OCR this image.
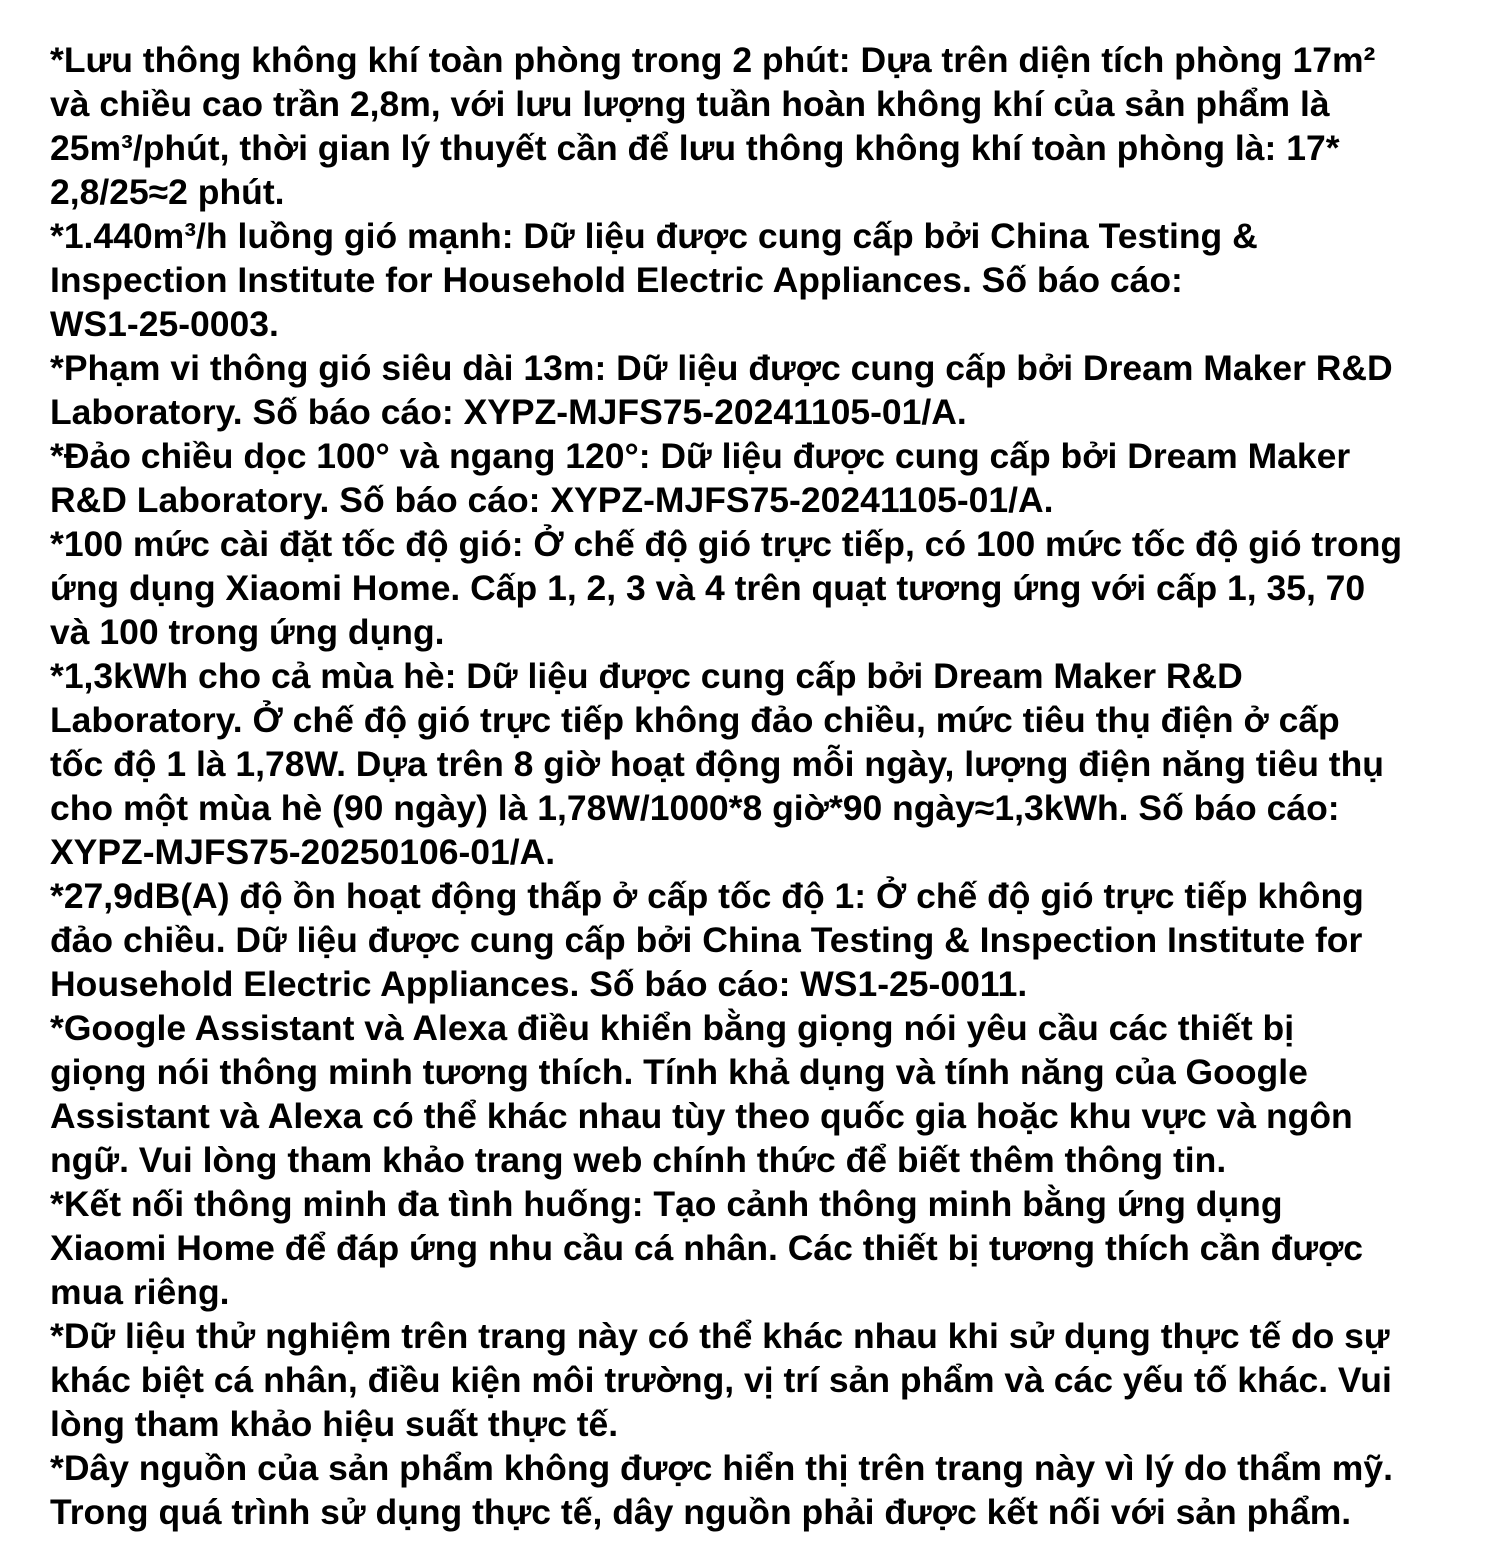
*Lưu thông không khí toàn phòng trong 2 phút: Dựa trên diện tích phòng 17m²
và chiều cao trần 2,8m, với lưu lượng tuần hoàn không khí của sản phẩm là
25m³/phút, thời gian lý thuyết cần để lưu thông không khí toàn phòng là: 17*
2,8/25≈2 phút.
*1.440m³/h luồng gió mạnh: Dữ liệu được cung cấp bởi China Testing &
Inspection Institute for Household Electric Appliances. Số báo cáo:
WS1-25-0003.
*Phạm vi thông gió siêu dài 13m: Dữ liệu được cung cấp bởi Dream Maker R&D
Laboratory. Số báo cáo: XYPZ-MJFS75-20241105-01/A.
*Đảo chiều dọc 100° và ngang 120°: Dữ liệu được cung cấp bởi Dream Maker
R&D Laboratory. Số báo cáo: XYPZ-MJFS75-20241105-01/A.
*100 mức cài đặt tốc độ gió: Ở chế độ gió trực tiếp, có 100 mức tốc độ gió trong
ứng dụng Xiaomi Home. Cấp 1, 2, 3 và 4 trên quạt tương ứng với cấp 1, 35, 70
và 100 trong ứng dụng.
*1,3kWh cho cả mùa hè: Dữ liệu được cung cấp bởi Dream Maker R&D
Laboratory. Ở chế độ gió trực tiếp không đảo chiều, mức tiêu thụ điện ở cấp
tốc độ 1 là 1,78W. Dựa trên 8 giờ hoạt động mỗi ngày, lượng điện năng tiêu thụ
cho một mùa hè (90 ngày) là 1,78W/1000*8 giờ*90 ngày≈1,3kWh. Số báo cáo:
XYPZ-MJFS75-20250106-01/A.
*27,9dB(A) độ ồn hoạt động thấp ở cấp tốc độ 1: Ở chế độ gió trực tiếp không
đảo chiều. Dữ liệu được cung cấp bởi China Testing & Inspection Institute for
Household Electric Appliances. Số báo cáo: WS1-25-0011.
*Google Assistant và Alexa điều khiển bằng giọng nói yêu cầu các thiết bị
giọng nói thông minh tương thích. Tính khả dụng và tính năng của Google
Assistant và Alexa có thể khác nhau tùy theo quốc gia hoặc khu vực và ngôn
ngữ. Vui lòng tham khảo trang web chính thức để biết thêm thông tin.
*Kết nối thông minh đa tình huống: Tạo cảnh thông minh bằng ứng dụng
Xiaomi Home để đáp ứng nhu cầu cá nhân. Các thiết bị tương thích cần được
mua riêng.
*Dữ liệu thử nghiệm trên trang này có thể khác nhau khi sử dụng thực tế do sự
khác biệt cá nhân, điều kiện môi trường, vị trí sản phẩm và các yếu tố khác. Vui
lòng tham khảo hiệu suất thực tế.
*Dây nguồn của sản phẩm không được hiển thị trên trang này vì lý do thẩm mỹ.
Trong quá trình sử dụng thực tế, dây nguồn phải được kết nối với sản phẩm.
